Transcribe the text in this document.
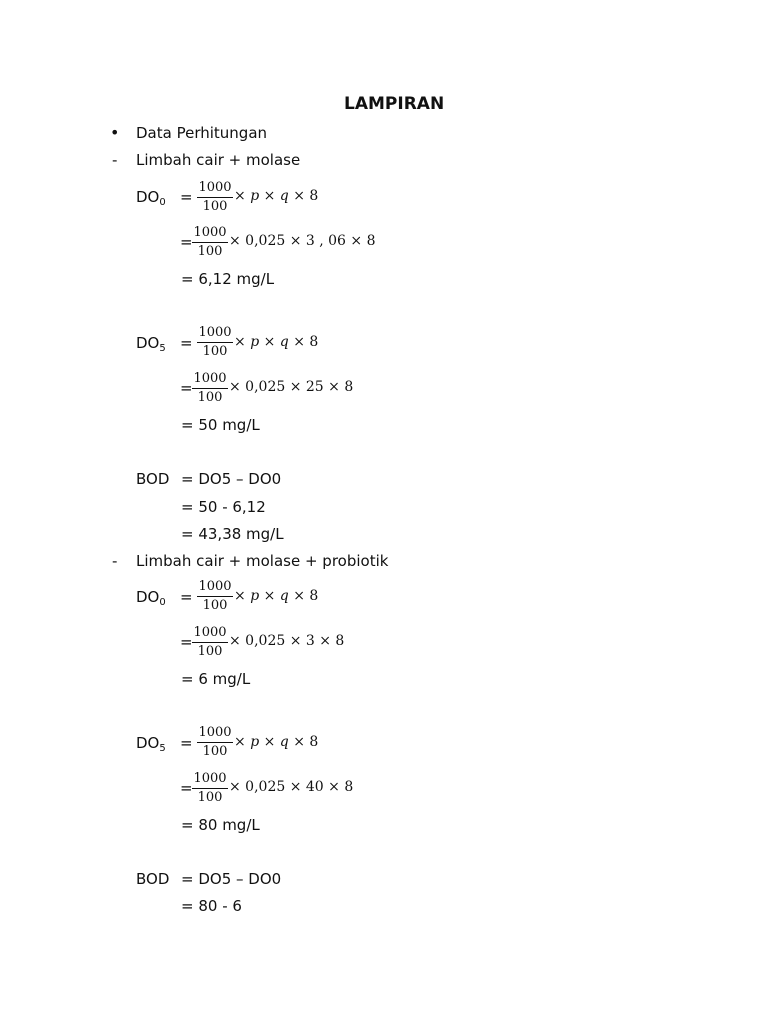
LAMPIRAN
• Data Perhitungan
- Limbah cair + molase
$DO_0 = \frac{1000}{100} \times p \times q \times 8$
= $\frac{1000}{100} \times 0,025 \times 3$ , 06 × 8
= 6,12 mg/L
$DO_5 = \frac{1000}{100} \times p \times q \times 8$
= $\frac{1000}{100} \times 0,025 \times 25 \times 8$
= 50 mg/L
BOD = DO5 – DO0
= 50 - 6,12
= 43,38 mg/L
- Limbah cair + molase + probiotik
$DO_0 = \frac{1000}{100} \times p \times q \times 8$
= $\frac{1000}{100} \times 0,025 \times 3 \times 8$
= 6 mg/L
$DO_5 = \frac{1000}{100} \times p \times q \times 8$
= $\frac{1000}{100} \times 0,025 \times 40 \times 8$
= 80 mg/L
BOD = DO5 – DO0
= 80 - 6
